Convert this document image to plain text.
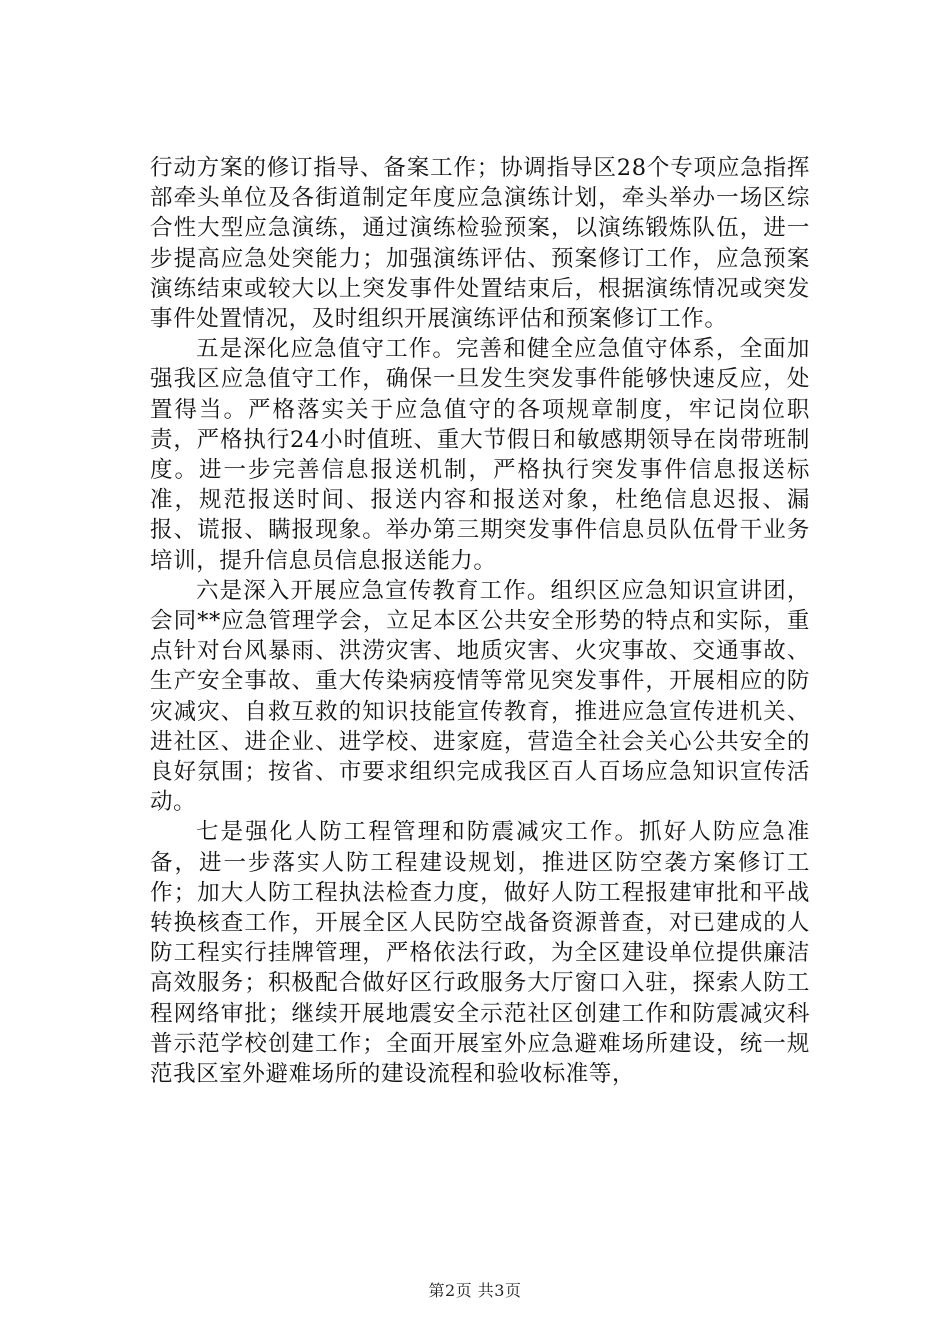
行动方案的修订指导、备案工作；协调指导区28个专项应急指挥部牵头单位及各街道制定年度应急演练计划，牵头举办一场区综合性大型应急演练，通过演练检验预案，以演练锻炼队伍，进一步提高应急处突能力；加强演练评估、预案修订工作，应急预案演练结束或较大以上突发事件处置结束后，根据演练情况或突发事件处置情况，及时组织开展演练评估和预案修订工作。

五是深化应急值守工作。完善和健全应急值守体系，全面加强我区应急值守工作，确保一旦发生突发事件能够快速反应，处置得当。严格落实关于应急值守的各项规章制度，牢记岗位职责，严格执行24小时值班、重大节假日和敏感期领导在岗带班制度。进一步完善信息报送机制，严格执行突发事件信息报送标准，规范报送时间、报送内容和报送对象，杜绝信息迟报、漏报、谎报、瞒报现象。举办第三期突发事件信息员队伍骨干业务培训，提升信息员信息报送能力。

六是深入开展应急宣传教育工作。组织区应急知识宣讲团，会同**应急管理学会，立足本区公共安全形势的特点和实际，重点针对台风暴雨、洪涝灾害、地质灾害、火灾事故、交通事故、生产安全事故、重大传染病疫情等常见突发事件，开展相应的防灾减灾、自救互救的知识技能宣传教育，推进应急宣传进机关、进社区、进企业、进学校、进家庭，营造全社会关心公共安全的良好氛围；按省、市要求组织完成我区百人百场应急知识宣传活动。

七是强化人防工程管理和防震减灾工作。抓好人防应急准备，进一步落实人防工程建设规划，推进区防空袭方案修订工作；加大人防工程执法检查力度，做好人防工程报建审批和平战转换核查工作，开展全区人民防空战备资源普查，对已建成的人防工程实行挂牌管理，严格依法行政，为全区建设单位提供廉洁高效服务；积极配合做好区行政服务大厅窗口入驻，探索人防工程网络审批；继续开展地震安全示范社区创建工作和防震减灾科普示范学校创建工作；全面开展室外应急避难场所建设，统一规范我区室外避难场所的建设流程和验收标准等，

第2页 共3页
